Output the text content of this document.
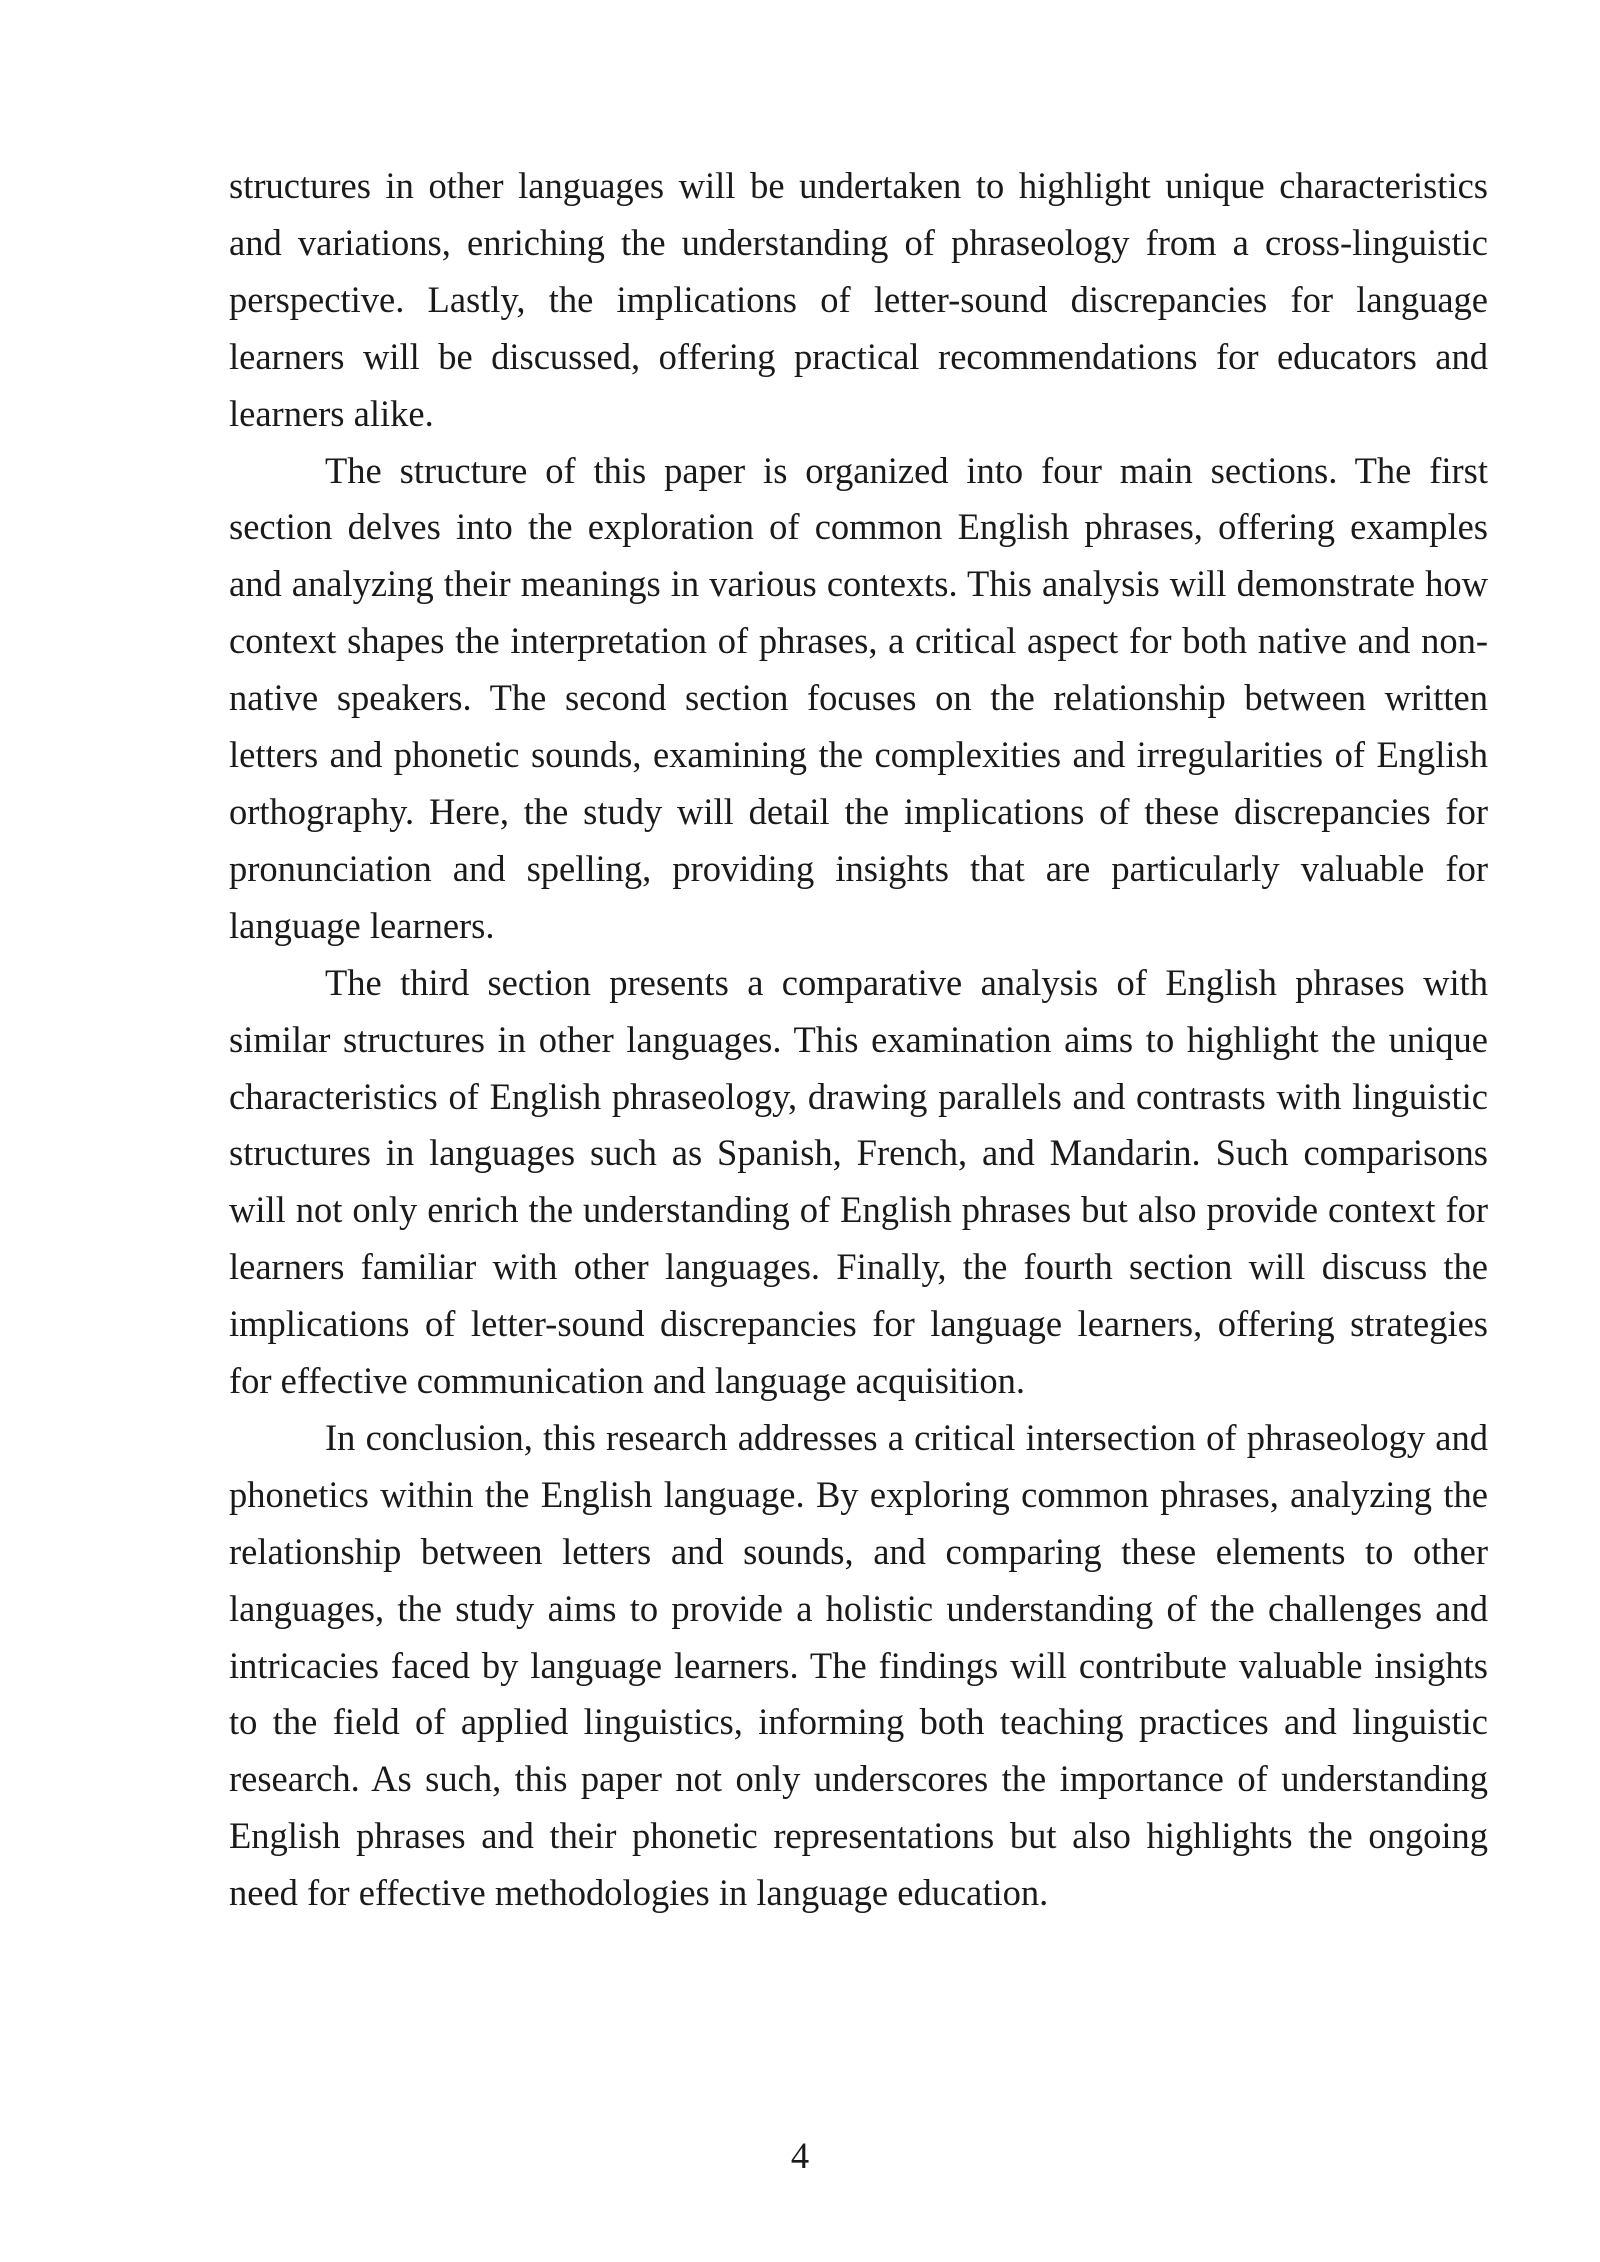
structures in other languages will be undertaken to highlight unique characteristics and variations, enriching the understanding of phraseology from a cross-linguistic perspective. Lastly, the implications of letter-sound discrepancies for language learners will be discussed, offering practical recommendations for educators and learners alike.

The structure of this paper is organized into four main sections. The first section delves into the exploration of common English phrases, offering examples and analyzing their meanings in various contexts. This analysis will demonstrate how context shapes the interpretation of phrases, a critical aspect for both native and non-native speakers. The second section focuses on the relationship between written letters and phonetic sounds, examining the complexities and irregularities of English orthography. Here, the study will detail the implications of these discrepancies for pronunciation and spelling, providing insights that are particularly valuable for language learners.

The third section presents a comparative analysis of English phrases with similar structures in other languages. This examination aims to highlight the unique characteristics of English phraseology, drawing parallels and contrasts with linguistic structures in languages such as Spanish, French, and Mandarin. Such comparisons will not only enrich the understanding of English phrases but also provide context for learners familiar with other languages. Finally, the fourth section will discuss the implications of letter-sound discrepancies for language learners, offering strategies for effective communication and language acquisition.

In conclusion, this research addresses a critical intersection of phraseology and phonetics within the English language. By exploring common phrases, analyzing the relationship between letters and sounds, and comparing these elements to other languages, the study aims to provide a holistic understanding of the challenges and intricacies faced by language learners. The findings will contribute valuable insights to the field of applied linguistics, informing both teaching practices and linguistic research. As such, this paper not only underscores the importance of understanding English phrases and their phonetic representations but also highlights the ongoing need for effective methodologies in language education.

4
